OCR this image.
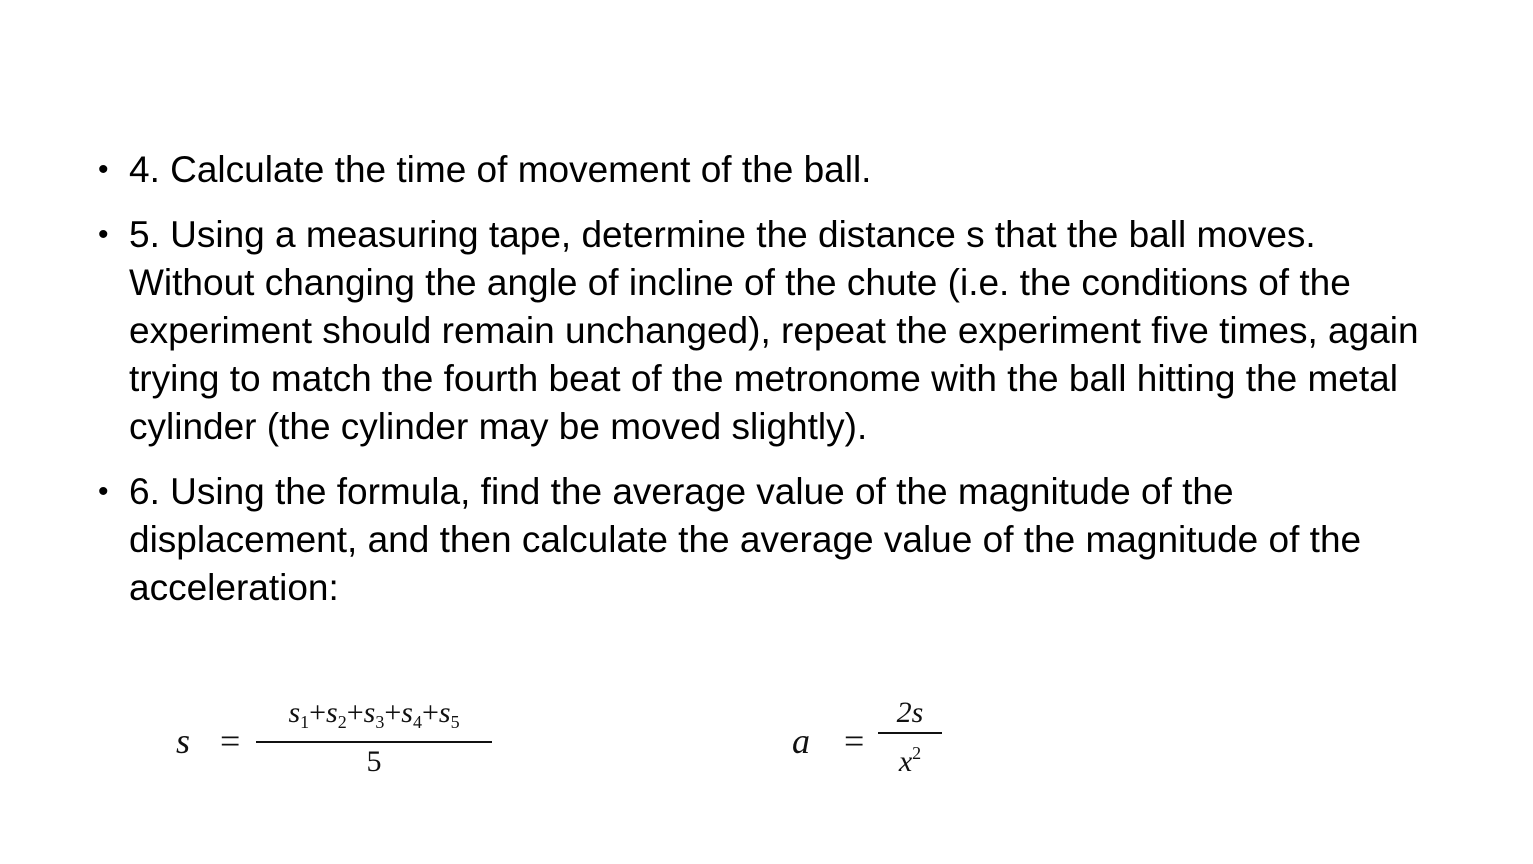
• 4. Calculate the time of movement of the ball.
• 5. Using a measuring tape, determine the distance s that the ball moves. Without changing the angle of incline of the chute (i.e. the conditions of the experiment should remain unchanged), repeat the experiment five times, again trying to match the fourth beat of the metronome with the ball hitting the metal cylinder (the cylinder may be moved slightly).
• 6. Using the formula, find the average value of the magnitude of the displacement, and then calculate the average value of the magnitude of the acceleration:
s =
$s_1+s_2+s_3+s_4+s_5$
5
a =
2s
$x^2$
